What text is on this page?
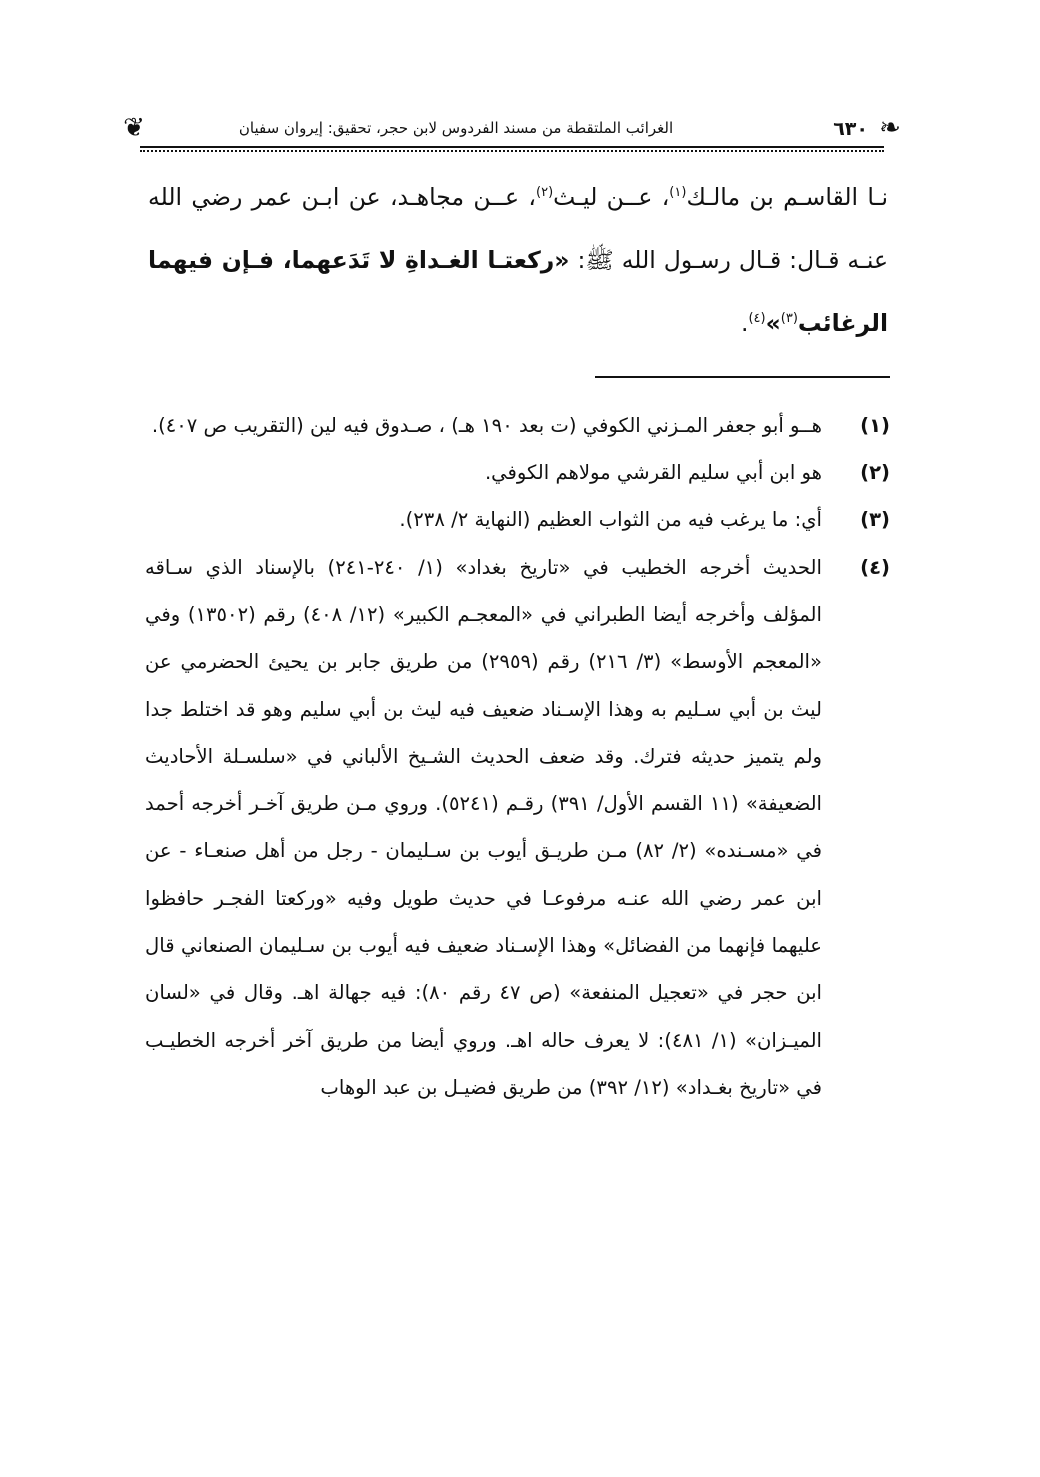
❦	الغرائب الملتقطة من مسند الفردوس لابن حجر، تحقيق: إيروان سفيان	٦٣٠ ❧
نـا القاسـم بن مالـك$^{(١)}$، عــن ليـث$^{(٢)}$، عــن مجاهـد، عن ابـن عمر رضي الله عنـه قـال: قـال رسـول الله ﷺ: «ركعتـا الغـداةِ لا تَدَعهما، فـإن فيهما الرغائب$^{(٣)}$»$^{(٤)}$.
(١)
هــو أبو جعفر المـزني الكوفي (ت بعد ١٩٠ هـ) ، صـدوق فيه لين (التقريب ص ٤٠٧).
(٢)
هو ابن أبي سليم القرشي مولاهم الكوفي.
(٣)
أي: ما يرغب فيه من الثواب العظيم (النهاية ٢/ ٢٣٨).
(٤)
الحديث أخرجه الخطيب في «تاريخ بغداد» (١/ ٢٤٠-٢٤١) بالإسناد الذي سـاقه المؤلف وأخرجه أيضا الطبراني في «المعجـم الكبير» (١٢/ ٤٠٨) رقم (١٣٥٠٢) وفي «المعجم الأوسط» (٣/ ٢١٦) رقم (٢٩٥٩) من طريق جابر بن يحيئ الحضرمي عن ليث بن أبي سـليم به وهذا الإسـناد ضعيف فيه ليث بن أبي سليم وهو قد اختلط جدا ولم يتميز حديثه فترك. وقد ضعف الحديث الشـيخ الألباني في «سلسـلة الأحاديث الضعيفة» (١١ القسم الأول/ ٣٩١) رقـم (٥٢٤١). وروي مـن طريق آخـر أخرجه أحمد في «مسـنده» (٢/ ٨٢) مـن طريـق أيوب بن سـليمان - رجل من أهل صنعـاء - عن ابن عمر رضي الله عنـه مرفوعـا في حديث طويل وفيه «وركعتا الفجـر حافظوا عليهما فإنهما من الفضائل» وهذا الإسـناد ضعيف فيه أيوب بن سـليمان الصنعاني قال ابن حجر في «تعجيل المنفعة» (ص ٤٧ رقم ٨٠): فيه جهالة اهـ. وقال في «لسان الميـزان» (١/ ٤٨١): لا يعرف حاله اهـ. وروي أيضا من طريق آخر أخرجه الخطيـب في «تاريخ بغـداد» (١٢/ ٣٩٢) من طريق فضيـل بن عبد الوهاب
